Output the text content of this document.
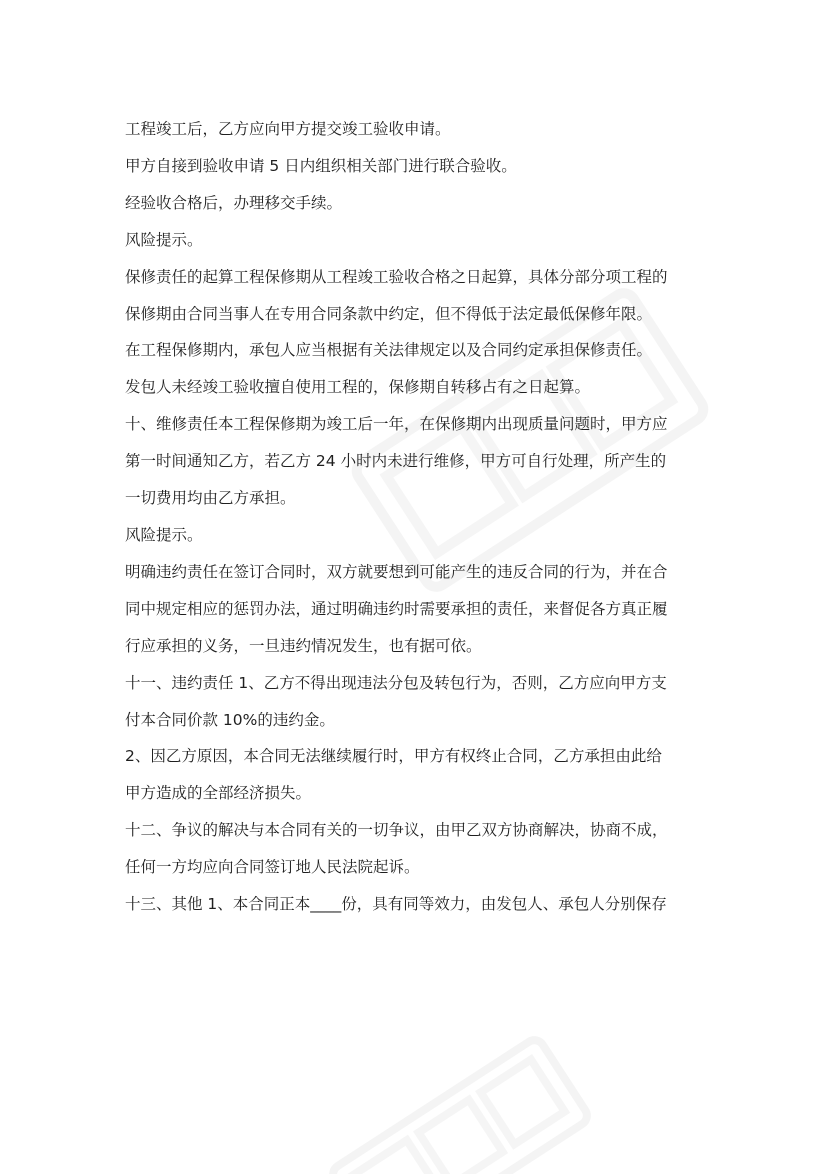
工程竣工后，乙方应向甲方提交竣工验收申请。

甲方自接到验收申请 5 日内组织相关部门进行联合验收。

经验收合格后，办理移交手续。

风险提示。

保修责任的起算工程保修期从工程竣工验收合格之日起算，具体分部分项工程的

保修期由合同当事人在专用合同条款中约定，但不得低于法定最低保修年限。

在工程保修期内，承包人应当根据有关法律规定以及合同约定承担保修责任。

发包人未经竣工验收擅自使用工程的，保修期自转移占有之日起算。

十、维修责任本工程保修期为竣工后一年，在保修期内出现质量问题时，甲方应

第一时间通知乙方，若乙方 24 小时内未进行维修，甲方可自行处理，所产生的

一切费用均由乙方承担。

风险提示。

明确违约责任在签订合同时，双方就要想到可能产生的违反合同的行为，并在合

同中规定相应的惩罚办法，通过明确违约时需要承担的责任，来督促各方真正履

行应承担的义务，一旦违约情况发生，也有据可依。

十一、违约责任 1、乙方不得出现违法分包及转包行为，否则，乙方应向甲方支

付本合同价款 10%的违约金。

2、因乙方原因，本合同无法继续履行时，甲方有权终止合同，乙方承担由此给

甲方造成的全部经济损失。

十二、争议的解决与本合同有关的一切争议，由甲乙双方协商解决，协商不成，

任何一方均应向合同签订地人民法院起诉。

十三、其他 1、本合同正本____份，具有同等效力，由发包人、承包人分别保存
